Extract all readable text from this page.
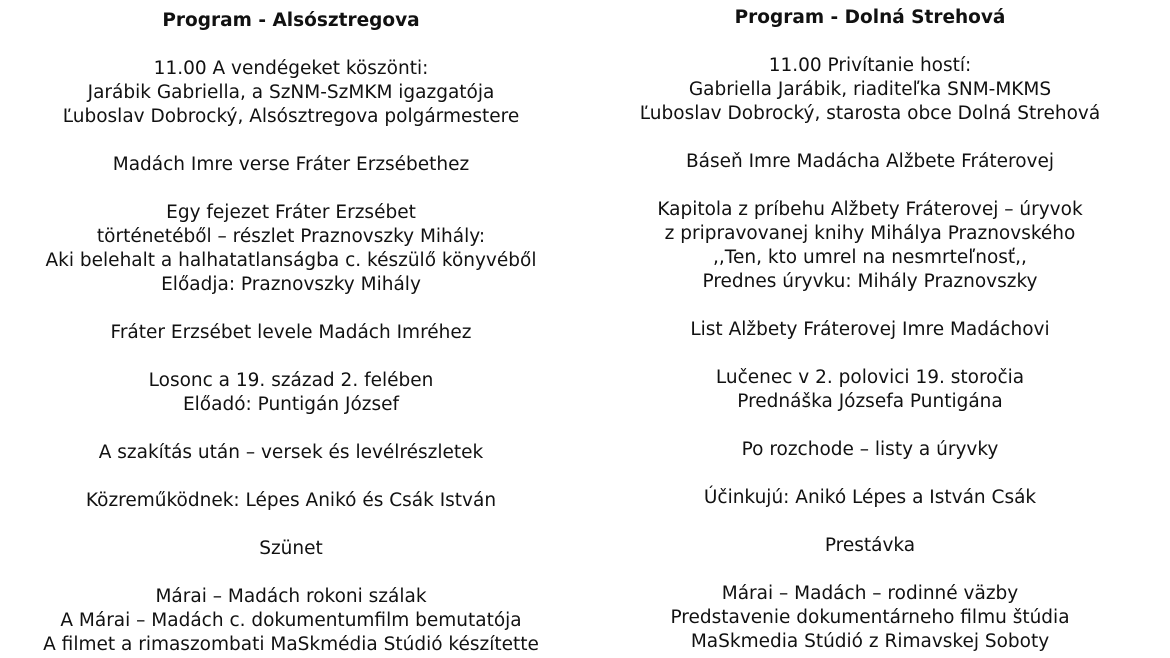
Program - Alsósztregova
11.00 A vendégeket köszönti:
Jarábik Gabriella, a SzNM-SzMKM igazgatója
Ľuboslav Dobrocký, Alsósztregova polgármestere
Madách Imre verse Fráter Erzsébethez
Egy fejezet Fráter Erzsébet
történetéből – részlet Praznovszky Mihály:
Aki belehalt a halhatatlanságba c. készülő könyvéből
Előadja: Praznovszky Mihály
Fráter Erzsébet levele Madách Imréhez
Losonc a 19. század 2. felében
Előadó: Puntigán József
A szakítás után – versek és levélrészletek
Közreműködnek: Lépes Anikó és Csák István
Szünet
Márai – Madách rokoni szálak
A Márai – Madách c. dokumentumfilm bemutatója
A filmet a rimaszombati MaSkmédia Stúdió készítette
Program - Dolná Strehová
11.00 Privítanie hostí:
Gabriella Jarábik, riaditeľka SNM-MKMS
Ľuboslav Dobrocký, starosta obce Dolná Strehová
Báseň Imre Madácha Alžbete Fráterovej
Kapitola z príbehu Alžbety Fráterovej – úryvok
z pripravovanej knihy Mihálya Praznovského
,,Ten, kto umrel na nesmrteľnosť,,
Prednes úryvku: Mihály Praznovszky
List Alžbety Fráterovej Imre Madáchovi
Lučenec v 2. polovici 19. storočia
Prednáška Józsefa Puntigána
Po rozchode – listy a úryvky
Účinkujú: Anikó Lépes a István Csák
Prestávka
Márai – Madách – rodinné väzby
Predstavenie dokumentárneho filmu štúdia
MaSkmedia Stúdió z Rimavskej Soboty
